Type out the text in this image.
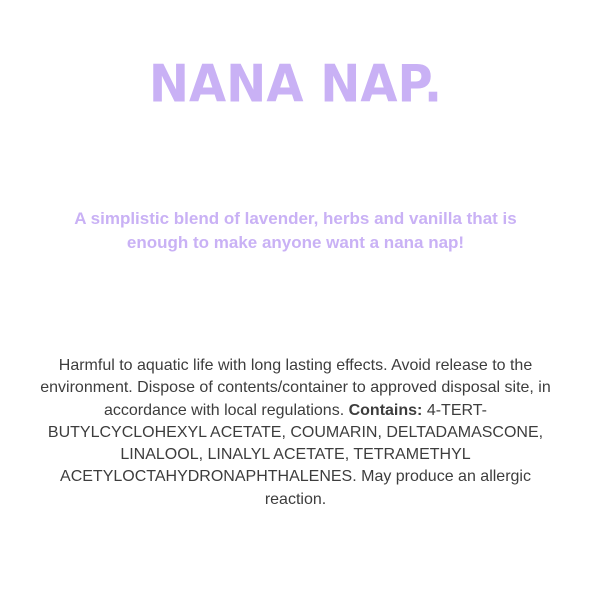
NANA NAP.

A simplistic blend of lavender, herbs and vanilla that is enough to make anyone want a nana nap!

Harmful to aquatic life with long lasting effects. Avoid release to the environment. Dispose of contents/container to approved disposal site, in accordance with local regulations. Contains: 4-TERT- BUTYLCYCLOHEXYL ACETATE, COUMARIN, DELTADAMASCONE, LINALOOL, LINALYL ACETATE, TETRAMETHYL ACETYLOCTAHYDRONAPHTHALENES. May produce an allergic reaction.
